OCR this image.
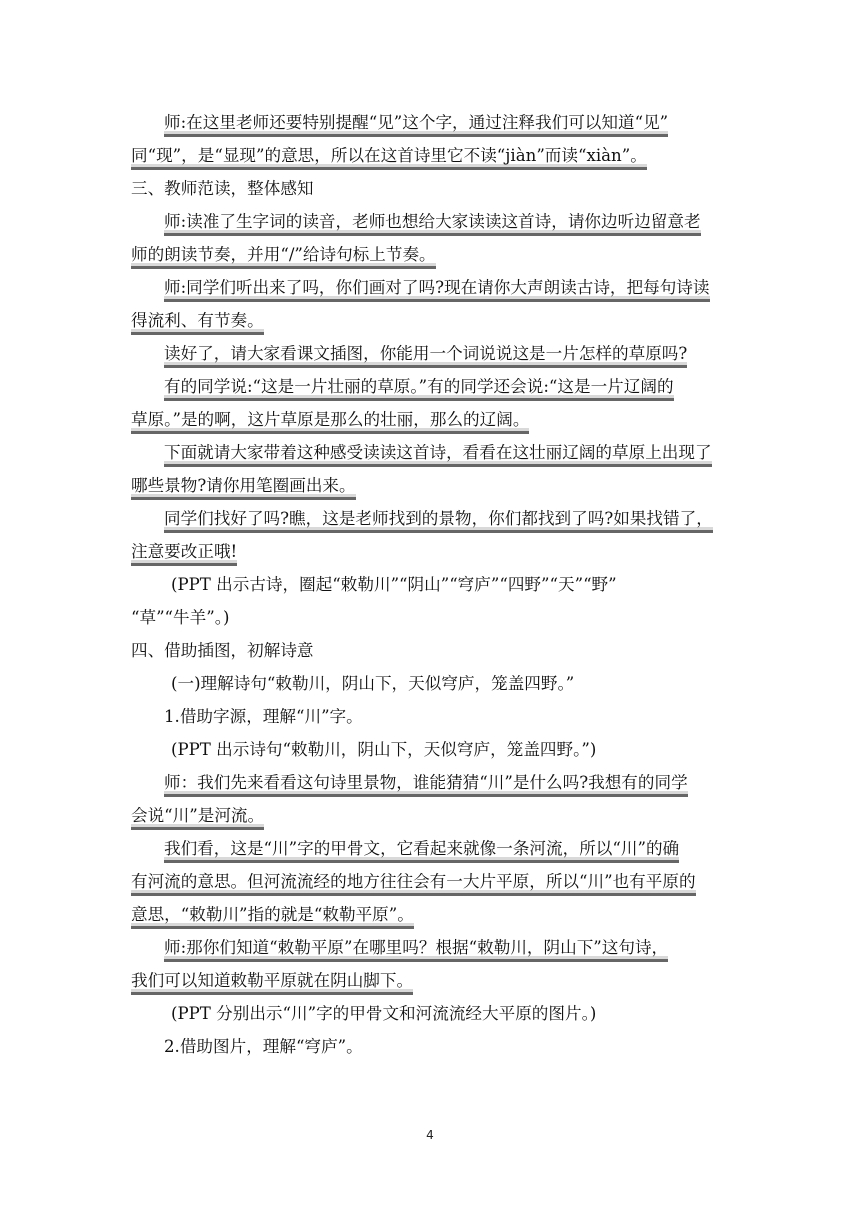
师:在这里老师还要特别提醒“见”这个字，通过注释我们可以知道“见”
同“现”，是“显现”的意思，所以在这首诗里它不读“jiàn”而读“xiàn”。
三、教师范读，整体感知
师:读准了生字词的读音，老师也想给大家读读这首诗，请你边听边留意老
师的朗读节奏，并用“/”给诗句标上节奏。
师:同学们听出来了吗，你们画对了吗?现在请你大声朗读古诗，把每句诗读
得流利、有节奏。
读好了，请大家看课文插图，你能用一个词说说这是一片怎样的草原吗?
有的同学说:“这是一片壮丽的草原。”有的同学还会说:“这是一片辽阔的
草原。”是的啊，这片草原是那么的壮丽，那么的辽阔。
下面就请大家带着这种感受读读这首诗，看看在这壮丽辽阔的草原上出现了
哪些景物?请你用笔圈画出来。
同学们找好了吗?瞧，这是老师找到的景物，你们都找到了吗?如果找错了，
注意要改正哦!
(PPT 出示古诗，圈起“敕勒川”“阴山”“穹庐”“四野”“天”“野”
“草”“牛羊”。)
四、借助插图，初解诗意
(一)理解诗句“敕勒川，阴山下，天似穹庐，笼盖四野。”
1.借助字源，理解“川”字。
(PPT 出示诗句“敕勒川，阴山下，天似穹庐，笼盖四野。”)
师：我们先来看看这句诗里景物，谁能猜猜“川”是什么吗?我想有的同学
会说“川”是河流。
我们看，这是“川”字的甲骨文，它看起来就像一条河流，所以“川”的确
有河流的意思。但河流流经的地方往往会有一大片平原，所以“川”也有平原的
意思，“敕勒川”指的就是“敕勒平原”。
师:那你们知道“敕勒平原”在哪里吗？根据“敕勒川，阴山下”这句诗，
我们可以知道敕勒平原就在阴山脚下。
(PPT 分别出示“川”字的甲骨文和河流流经大平原的图片。)
2.借助图片，理解“穹庐”。
4
